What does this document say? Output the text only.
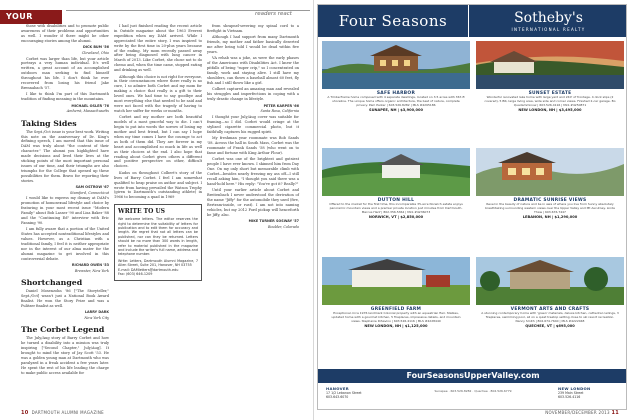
YOUR TURN
readers react

those with disabilities and to promote public awareness of their problems and opportunities as well. I wonder if there might be other encouraging stories among the alumni.

DICK BUM '56

Cleveland, Ohio

Corbet was larger than life, but your article portrays a very human individual. It's well written, a great account of an accomplished outdoors man seeking to find himself throughout his life. I don't think he ever recovered from losing his friend Jake Brennabach '57.

I like to think I'm part of this Dartmouth tradition of finding meaning in the mountains.

MICHAEL OSLER '76

Amherst, Massachusetts

Taking Sides

The Sept./Oct issue is your best work. Writing this note on the anniversary of Dr. King's defining speech, I am moved that this issue of DAM was truly about "the content of their character." The alumni you highlighted have made decisions and lived their lives at the sticking points of the most important personal issues of our time, and their triumphs are also triumphs for the College that opened up these possibilities for them. Bravo for reporting their stories.

SAM OSTROW '67

Stamford, Connecticut

I would like to express my dismay at DAM's promotion of homosexual lifestyle and choice by featuring in your most recent issue "Modern Family" about Bob Lasser '90 and Lisa Baker '88 and the "Continuing Ed" interview with Eric Fanning '90.

I am fully aware that a portion of the United States has accepted nontraditional lifestyles and values. However, as a Christian with a traditional family, I feel it is neither appropriate nor in the interest of our alma mater for the alumni magazine to get involved in this controversial debate.

RICHARD OWEN '53

Brewster, New York

Shortchanged

Daniel Mosenzohn '86 ["The Storyteller," Sept./Oct] wasn't just a National Book Award finalist. He won the Story Prize and was a Pulitzer finalist as well.

LARRY DARK

New York City

The Corbet Legend

The July/Aug story of Barry Corbet and how he turned a disability into a mission was truly inspiring ["Second Chapter," July/Aug]. It brought to mind the story of Jay Scott '53. He was a golden young man at Dartmouth who was paralyzed in a freak accident a few years later. He spent the rest of his life leading the charge to make public access available for

from shrapnel-severing my spinal cord to a firefight in Vietnam.

Although I had support from many Dartmouth friends, my mother and father basically deserted me after being told I would be dead within five years.

VA rehab was a joke, as were the early phases of the Americans with Disabilities Act. I knew the pitfalls of being "super crip," so I concentrated on family, work and staying alive. I still have my shoulders, can throw a baseball almost 60 feet, fly fish and I still throw like a girl.

Colbert captured an amazing man and revealed his struggles and imperfections in coping with a truly drastic change in lifestyle.

PETER KARPER '66

Santa Rosa, California

I thought your July/Aug cover was suitable for framing—so I did. Corbet would cringe at the stylized cigarette commercial photo, but it faithfully captures his rugged spirit.

My freshman year roommate was Bob Sands '58. Across the hall in South Mass, Corbet was the roommate of Frank Sands '58 (who went on to fame and fortune with King Arthur Flour).

Corbet was one of the brightest and gutsiest people I have ever known. I skinned him from Day One. On my only short but memorable climb with Corbet—besides nearly freezing my ass off—I still recall asking him, "I thought you said there was a hand-hold here." His reply: "You've got it? Really?"

Until your earlier article about Corbet and Breitenbach I never understood the derivation of the name "Jiffy" for the automobile they used (five, Bertram-inside, or rust). I am not into naming vehicles, but my 2012 Ford pickup will henceforth be Jiffy, also.

MIKE TURNER SOSWAY '57

Boulder, Colorado

I had just finished reading the recent article in Outside magazine about the 1963 Everest expedition when my DAM arrived. While I appreciated the entire story, I was inspired to write by the first time in 20-plus years because of the ending. My mom recently passed away after being diagnosed with lung cancer in March of 2013. Like Corbet, she chose not to do chemo and, when the time came, stopped eating and drinking as well.

Although this choice is not right for everyone, in their circumstances where there really is no cure, I so admire both Corbet and my mom for making a choice that really is a gift to their loved ones. We had time to say goodbye and most everything else that needed to be said and were not faced with the tragedy of having to watch her suffer for weeks or months.

Corbet and my mother are both beautiful models of a most graceful way to die. I can't begin to put into words the sorrow of losing my mother and best friend, but I can say I hope when my time comes I have the courage to act as both of them did. They are forever in my heart and accomplished so much in life as well as their choices at the end. I also hope that reading about Corbet gives others a different and positive perspective on other, difficult choices.

Kudos on throughout Colbert's story of the lives of Barry Corbet. I feel I am somewhat qualified to heap praise on author and subject. I wrote from having prevailed the Watson Trophy (given to Dartmouth's outstanding athlete) in 1966 to becoming a quad in 1969

WRITE TO US
We welcome letters. The editor reserves the right to determine the suitability of letters for publication and to edit them for accuracy and length. We regret that not all letters can be published, nor can they be returned. Letters should be no more than 300 words in length, refer to material published in the magazine and include the writer's full name, address and telephone number.
Write: Letters, Dartmouth Alumni Magazine, 7 Allen Street, Suite 201, Hanover, NH 03755
E-mail: DAMletters@dartmouth.edu
Fax: (603) 646-1209
10 DARTMOUTH ALUMNI MAGAZINE
Four Seasons	Sotheby's
INTERNATIONAL REALTY
SAFE HARBOR
A Timberframe home composed with 4 separate dwellings, located on 3.5 acres with 367-ft shoreline. The unique home offers organic architecture, the best of nature, complete privacy. Pam Parker | 603.526.8282 | MLS #4295186
SUNAPEE, NH | $3,900,000
SUNSET ESTATE
Wonderful renovated lake home with large yard and 240' of frontage. 4 dock slips (2 covered), 5 BR, large living area, wide side and corner views. Finished 2-car garage. Bo Quadamminow | 603.526.4116 | MLS #4250871
NEW LONDON, NH | $3,495,000
DUTTON HILL
Offered to the market for the first time, this incomparable 35-acre Norwich estate enjoys panoramic mountain views and a premier private location just minutes from Dartmouth. Marcus Hanf | 802.356.5364 | MLS #4236073
NORWICH, VT | $2,850,000
DRAMATIC SUNRISE VIEWS
Revel in the beauty of nature and be in awe of where you live from Sunny absolutely breathtaking surrounding western views over the Upper Valley and Mt Ascutney. Linda Thaw | 603.676.7447
LEBANON, NH | $1,290,000
GREENFIELD FARM
Exceptional circa 1976 landmark Colonial property with an equestrian flair. Stables, updated home with a gourmet kitchen, 5 fireplaces, impressive details, and mountain views. Stephanie DiSavino | 603.526.4116 | MLS #4228440
NEW LONDON, NH | $1,125,000
VERMONT ARTS AND CRAFTS
A stunning contemporary home with 'green' materials, deluxe kitchen, cathedral ceilings, 3 fireplaces, swimming pool, all on a quiet treetop setting close to ski resort recreation. Nancy Smith | 802.674.7640 | MLS #4222048
QUECHEE, VT | $695,000
FourSeasonsUpperValley.com
HANOVER
17 1/2 Lebanon Street
603.643.6070
Sunapee · 603.526.8282 · Quechee · 802.526.6779	NEW LONDON
239 Main Street
603.526.4116
NOVEMBER/DECEMBER 2013 11
